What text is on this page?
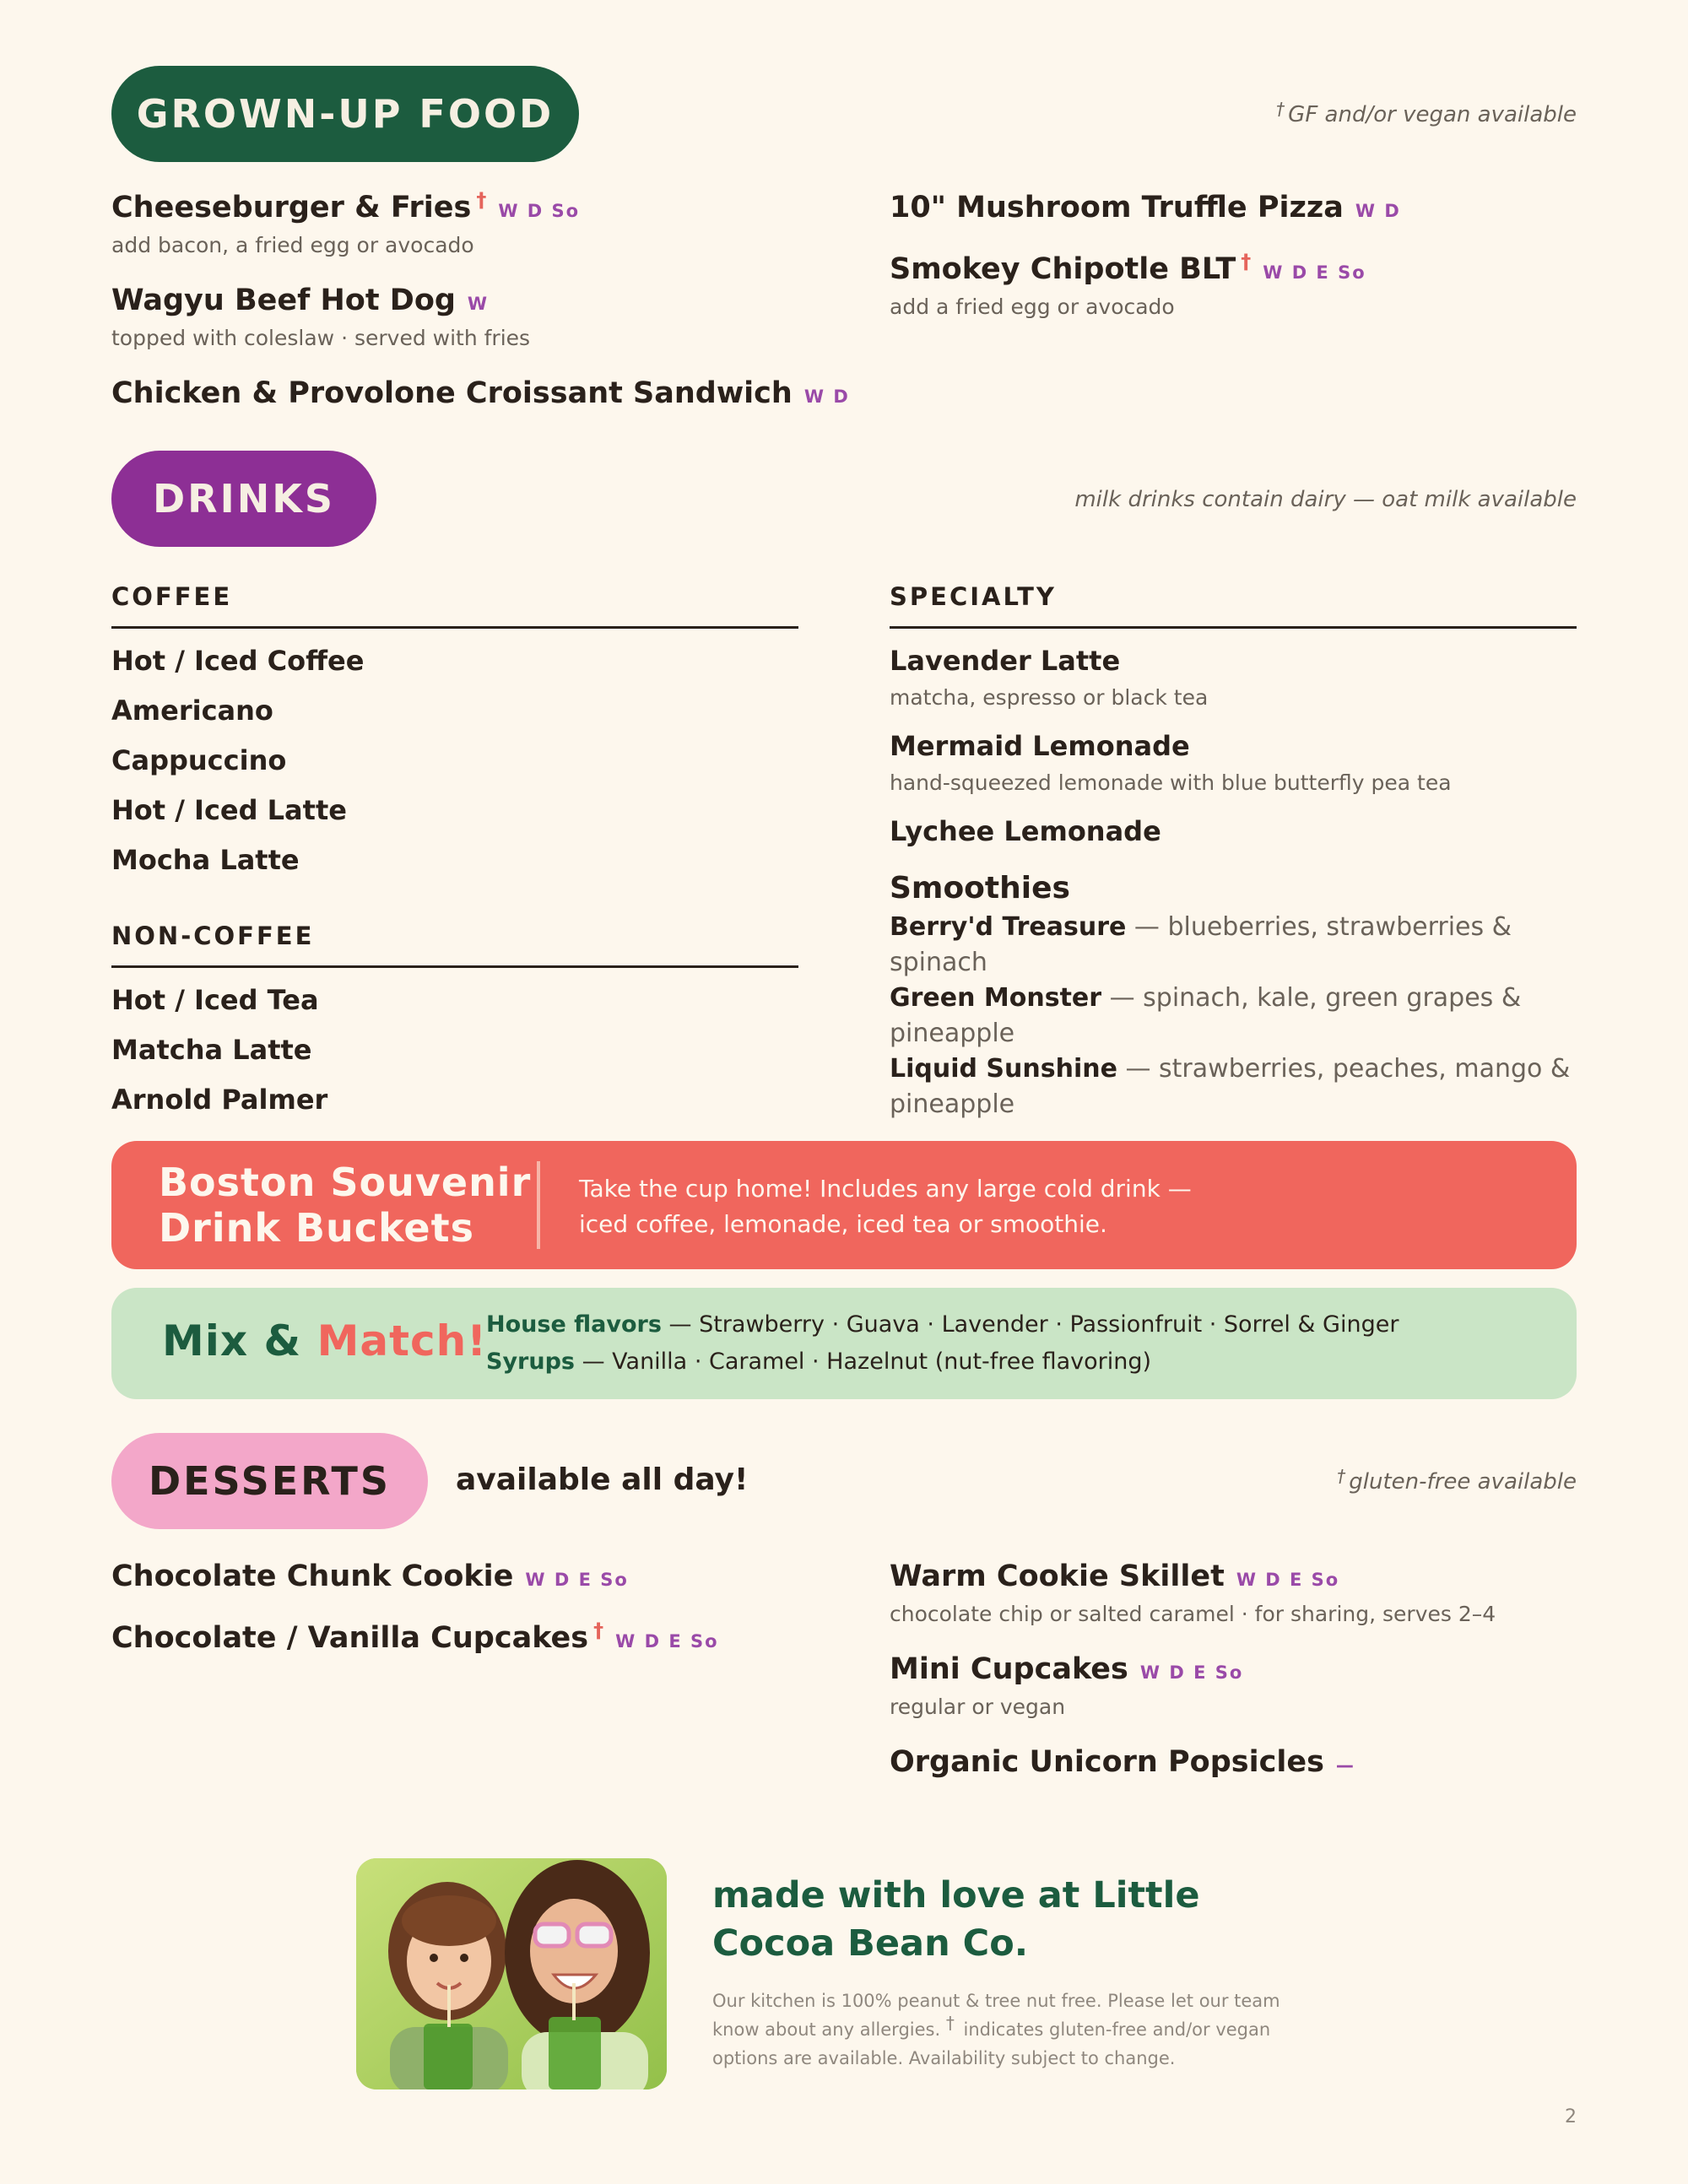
GROWN-UP FOOD	† GF and/or vegan available
Cheeseburger & Fries † W D So
add bacon, a fried egg or avocado
Wagyu Beef Hot Dog W
topped with coleslaw · served with fries
Chicken & Provolone Croissant Sandwich W D
10" Mushroom Truffle Pizza W D
Smokey Chipotle BLT † W D E So
add a fried egg or avocado
DRINKS	milk drinks contain dairy — oat milk available
COFFEE
Hot / Iced Coffee
Americano
Cappuccino
Hot / Iced Latte
Mocha Latte
NON-COFFEE
Hot / Iced Tea
Matcha Latte
Arnold Palmer
SPECIALTY
Lavender Latte
matcha, espresso or black tea
Mermaid Lemonade
hand-squeezed lemonade with blue butterfly pea tea
Lychee Lemonade
Smoothies
Berry'd Treasure — blueberries, strawberries & spinach
Green Monster — spinach, kale, green grapes & pineapple
Liquid Sunshine — strawberries, peaches, mango & pineapple
Boston Souvenir
Drink Buckets
Take the cup home! Includes any large cold drink — iced coffee, lemonade, iced tea or smoothie.
Mix & Match!
House flavors — Strawberry · Guava · Lavender · Passionfruit · Sorrel & Ginger
Syrups — Vanilla · Caramel · Hazelnut (nut-free flavoring)
DESSERTS available all day!	† gluten-free available
Chocolate Chunk Cookie W D E So
Chocolate / Vanilla Cupcakes † W D E So
Warm Cookie Skillet W D E So
chocolate chip or salted caramel · for sharing, serves 2–4
Mini Cupcakes W D E So
regular or vegan
Organic Unicorn Popsicles —
made with love at Little Cocoa Bean Co.
Our kitchen is 100% peanut & tree nut free. Please let our team know about any allergies. † indicates gluten-free and/or vegan options are available. Availability subject to change.
2
